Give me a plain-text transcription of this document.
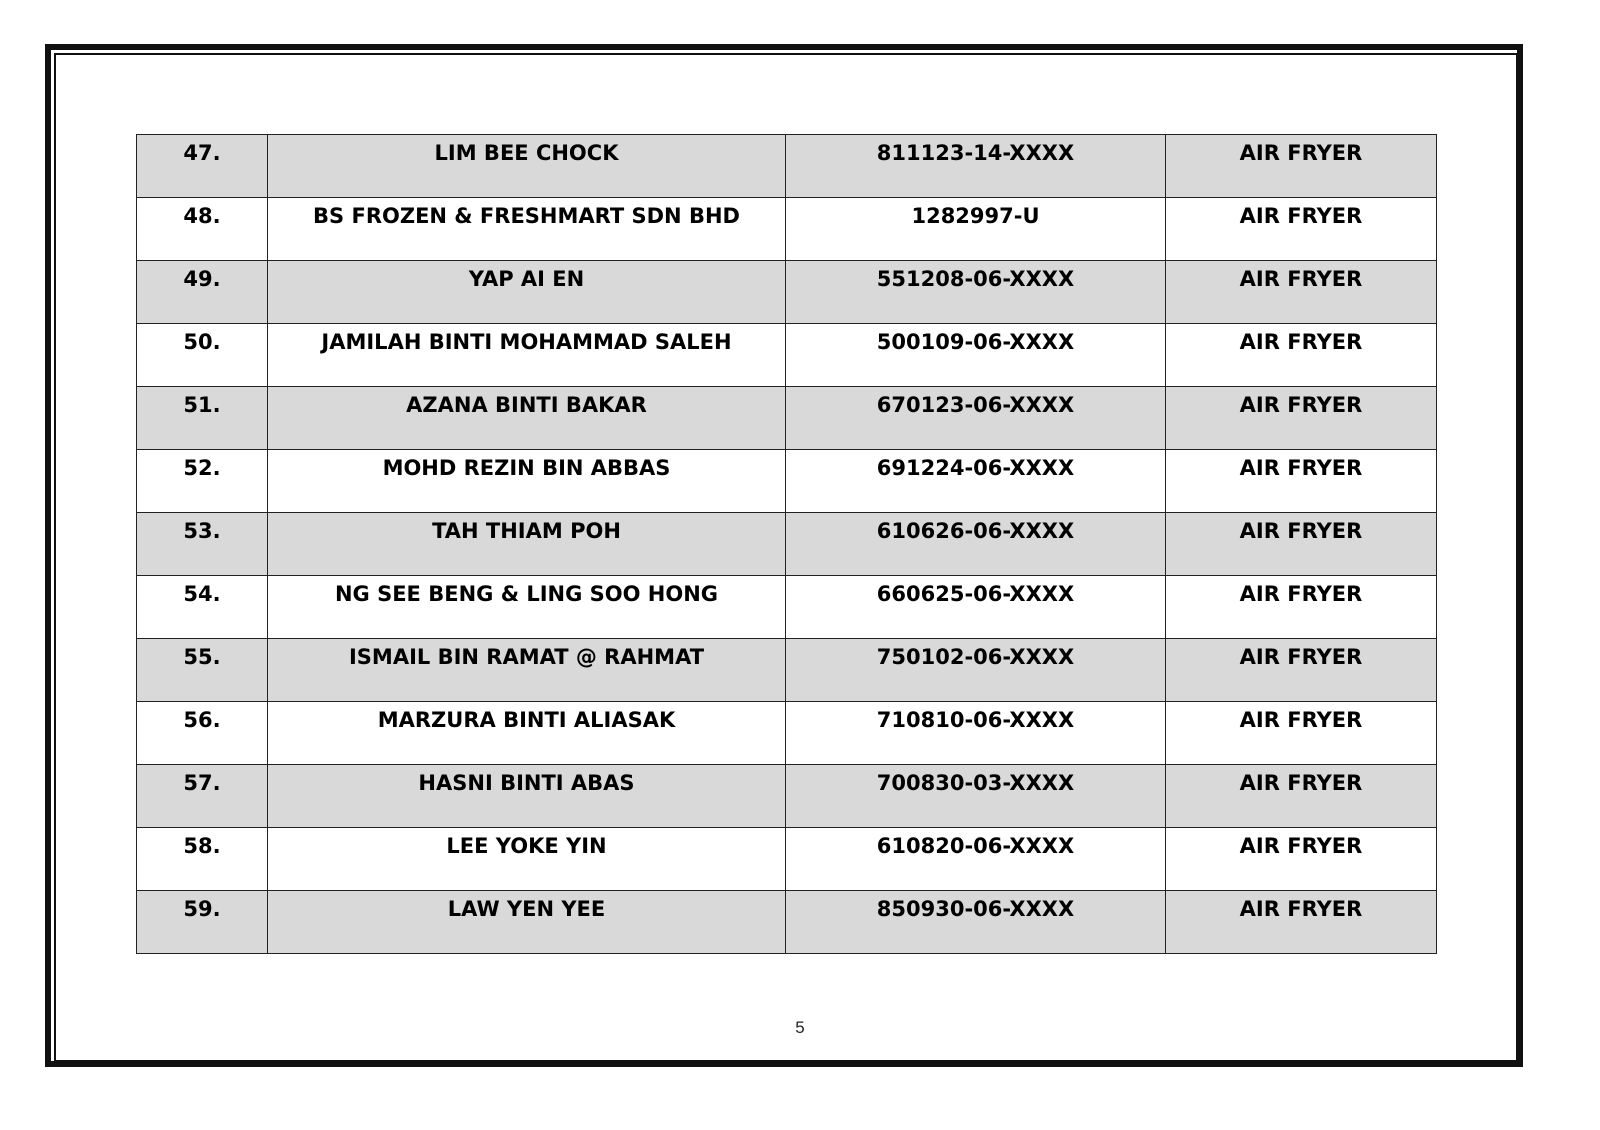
47.	LIM BEE CHOCK	811123-14-XXXX	AIR FRYER
48.	BS FROZEN & FRESHMART SDN BHD	1282997-U	AIR FRYER
49.	YAP AI EN	551208-06-XXXX	AIR FRYER
50.	JAMILAH BINTI MOHAMMAD SALEH	500109-06-XXXX	AIR FRYER
51.	AZANA BINTI BAKAR	670123-06-XXXX	AIR FRYER
52.	MOHD REZIN BIN ABBAS	691224-06-XXXX	AIR FRYER
53.	TAH THIAM POH	610626-06-XXXX	AIR FRYER
54.	NG SEE BENG & LING SOO HONG	660625-06-XXXX	AIR FRYER
55.	ISMAIL BIN RAMAT @ RAHMAT	750102-06-XXXX	AIR FRYER
56.	MARZURA BINTI ALIASAK	710810-06-XXXX	AIR FRYER
57.	HASNI BINTI ABAS	700830-03-XXXX	AIR FRYER
58.	LEE YOKE YIN	610820-06-XXXX	AIR FRYER
59.	LAW YEN YEE	850930-06-XXXX	AIR FRYER
5
